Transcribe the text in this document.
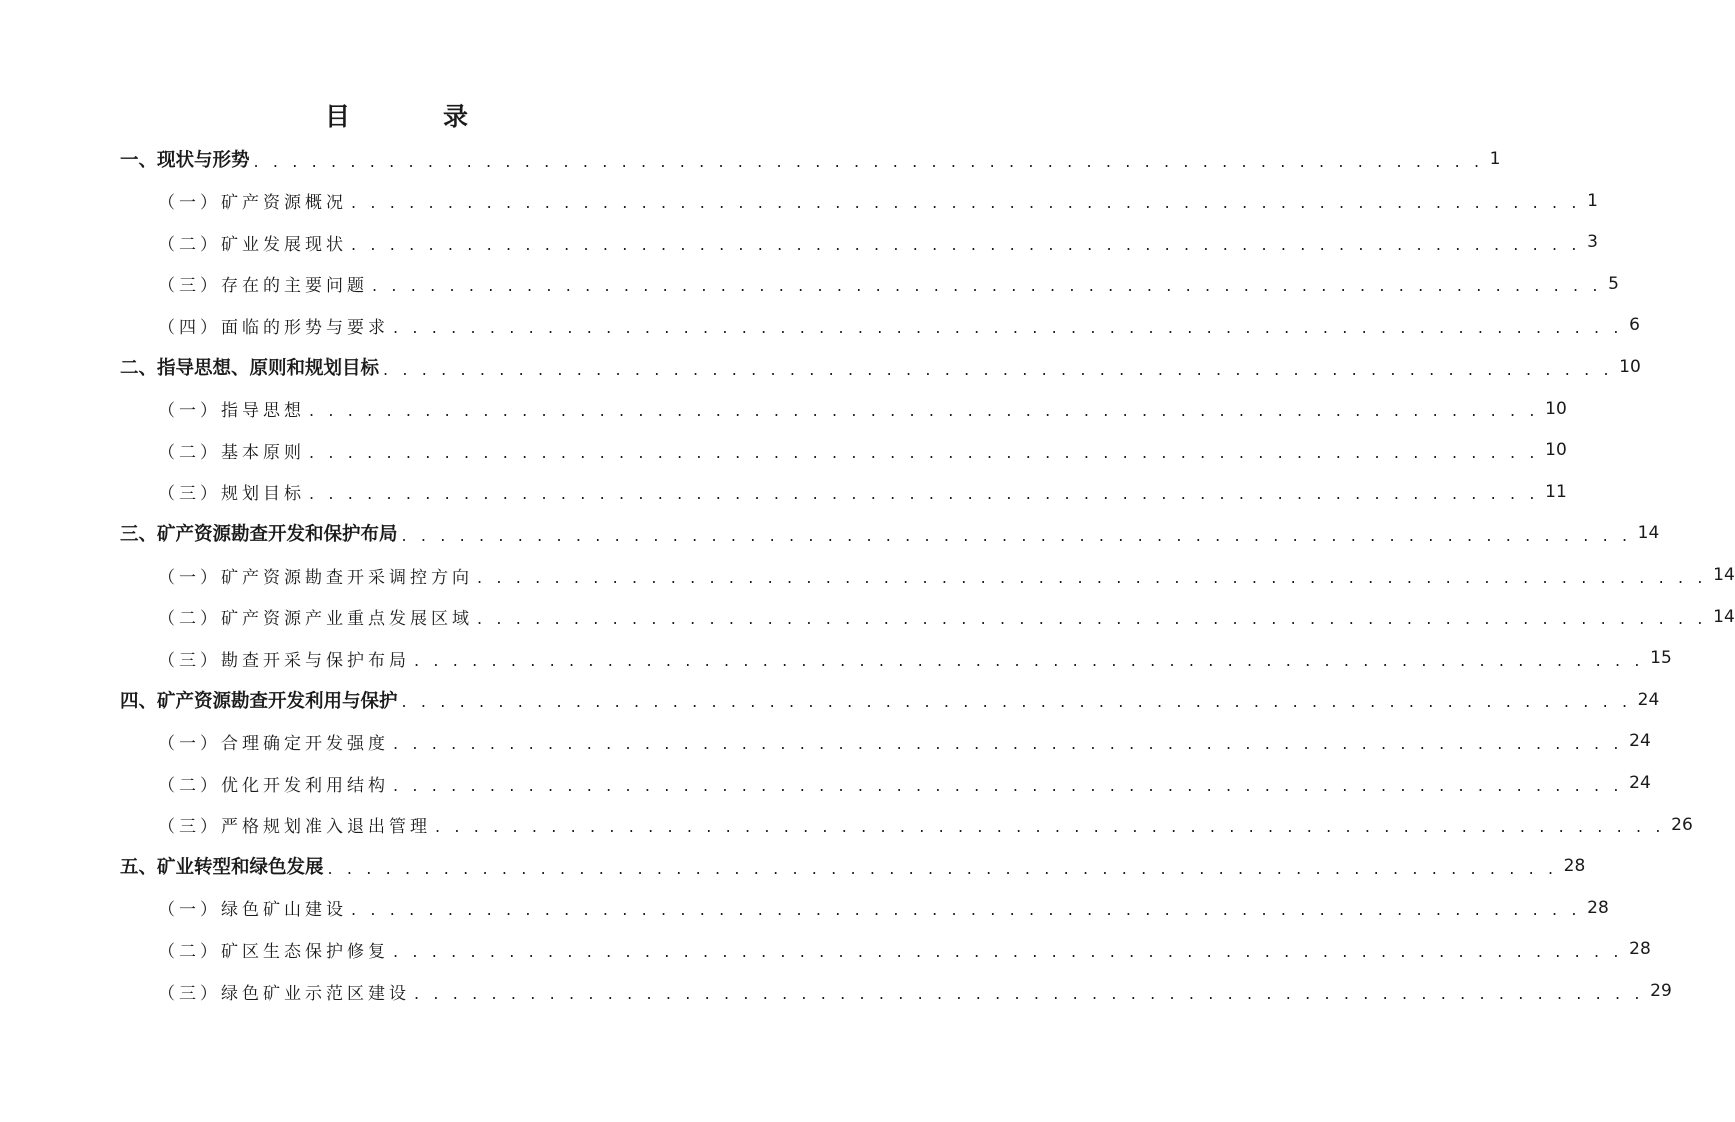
目　录
一、现状与形势 . . . . . . . . . . . . . . . . . . . . . . . . . . . . . . . . . . . . . . . . . . . . . . . . . . . . . . . . . . . . . . . . 1
（一）矿产资源概况 . . . . . . . . . . . . . . . . . . . . . . . . . . . . . . . . . . . . . . . . . . . . . . . . . . . . . . . . . . . . . . . . 1
（二）矿业发展现状 . . . . . . . . . . . . . . . . . . . . . . . . . . . . . . . . . . . . . . . . . . . . . . . . . . . . . . . . . . . . . . . . 3
（三）存在的主要问题 . . . . . . . . . . . . . . . . . . . . . . . . . . . . . . . . . . . . . . . . . . . . . . . . . . . . . . . . . . . . . . . . 5
（四）面临的形势与要求 . . . . . . . . . . . . . . . . . . . . . . . . . . . . . . . . . . . . . . . . . . . . . . . . . . . . . . . . . . . . . . . . 6
二、指导思想、原则和规划目标 . . . . . . . . . . . . . . . . . . . . . . . . . . . . . . . . . . . . . . . . . . . . . . . . . . . . . . . . . . . . . . . . 10
（一）指导思想 . . . . . . . . . . . . . . . . . . . . . . . . . . . . . . . . . . . . . . . . . . . . . . . . . . . . . . . . . . . . . . . . 10
（二）基本原则 . . . . . . . . . . . . . . . . . . . . . . . . . . . . . . . . . . . . . . . . . . . . . . . . . . . . . . . . . . . . . . . . 10
（三）规划目标 . . . . . . . . . . . . . . . . . . . . . . . . . . . . . . . . . . . . . . . . . . . . . . . . . . . . . . . . . . . . . . . . 11
三、矿产资源勘查开发和保护布局 . . . . . . . . . . . . . . . . . . . . . . . . . . . . . . . . . . . . . . . . . . . . . . . . . . . . . . . . . . . . . . . . 14
（一）矿产资源勘查开采调控方向 . . . . . . . . . . . . . . . . . . . . . . . . . . . . . . . . . . . . . . . . . . . . . . . . . . . . . . . . . . . . . . . . 14
（二）矿产资源产业重点发展区域 . . . . . . . . . . . . . . . . . . . . . . . . . . . . . . . . . . . . . . . . . . . . . . . . . . . . . . . . . . . . . . . . 14
（三）勘查开采与保护布局 . . . . . . . . . . . . . . . . . . . . . . . . . . . . . . . . . . . . . . . . . . . . . . . . . . . . . . . . . . . . . . . . 15
四、矿产资源勘查开发利用与保护 . . . . . . . . . . . . . . . . . . . . . . . . . . . . . . . . . . . . . . . . . . . . . . . . . . . . . . . . . . . . . . . . 24
（一）合理确定开发强度 . . . . . . . . . . . . . . . . . . . . . . . . . . . . . . . . . . . . . . . . . . . . . . . . . . . . . . . . . . . . . . . . 24
（二）优化开发利用结构 . . . . . . . . . . . . . . . . . . . . . . . . . . . . . . . . . . . . . . . . . . . . . . . . . . . . . . . . . . . . . . . . 24
（三）严格规划准入退出管理 . . . . . . . . . . . . . . . . . . . . . . . . . . . . . . . . . . . . . . . . . . . . . . . . . . . . . . . . . . . . . . . . 26
五、矿业转型和绿色发展 . . . . . . . . . . . . . . . . . . . . . . . . . . . . . . . . . . . . . . . . . . . . . . . . . . . . . . . . . . . . . . . . 28
（一）绿色矿山建设 . . . . . . . . . . . . . . . . . . . . . . . . . . . . . . . . . . . . . . . . . . . . . . . . . . . . . . . . . . . . . . . . 28
（二）矿区生态保护修复 . . . . . . . . . . . . . . . . . . . . . . . . . . . . . . . . . . . . . . . . . . . . . . . . . . . . . . . . . . . . . . . . 28
（三）绿色矿业示范区建设 . . . . . . . . . . . . . . . . . . . . . . . . . . . . . . . . . . . . . . . . . . . . . . . . . . . . . . . . . . . . . . . . 29
